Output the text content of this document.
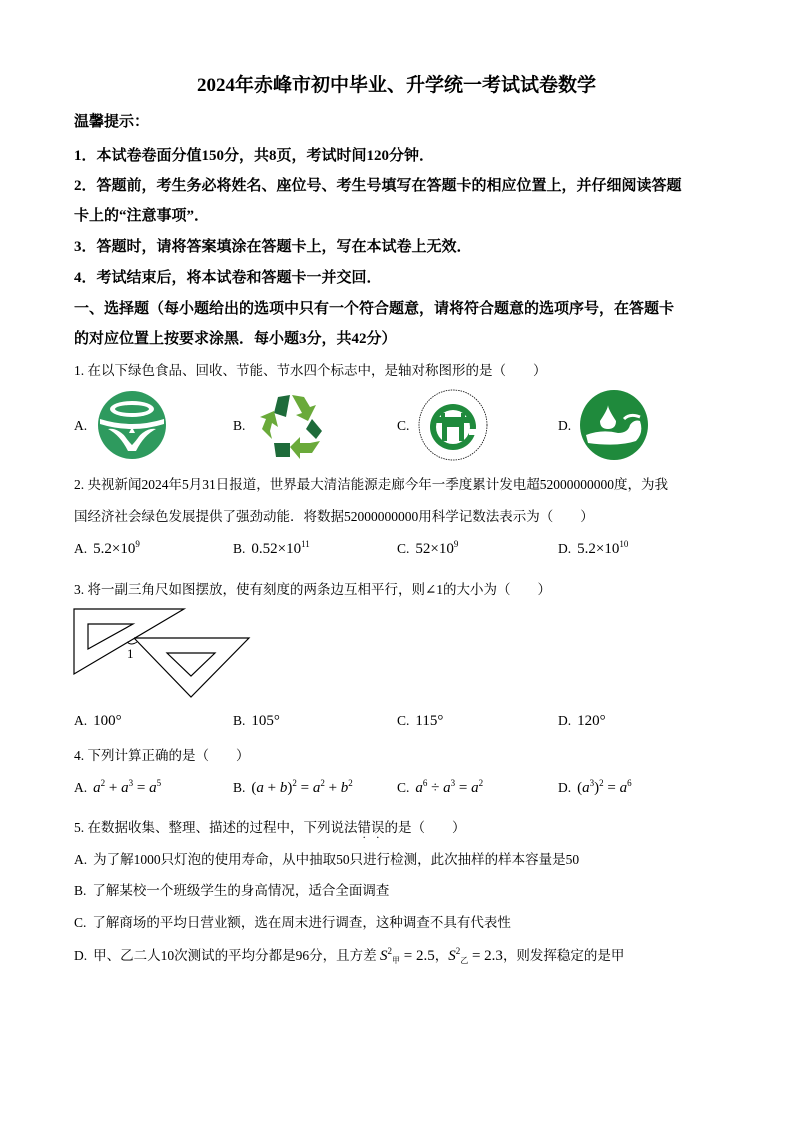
2024年赤峰市初中毕业、升学统一考试试卷数学
温馨提示：
1．本试卷卷面分值150分，共8页，考试时间120分钟．
2．答题前，考生务必将姓名、座位号、考生号填写在答题卡的相应位置上，并仔细阅读答题
卡上的“注意事项”．
3．答题时，请将答案填涂在答题卡上，写在本试卷上无效．
4．考试结束后，将本试卷和答题卡一并交回．
一、选择题（每小题给出的选项中只有一个符合题意，请将符合题意的选项序号，在答题卡
的对应位置上按要求涂黑．每小题3分，共42分）
1. 在以下绿色食品、回收、节能、节水四个标志中，是轴对称图形的是（　　）
A.	B.	C.	D.
2. 央视新闻2024年5月31日报道，世界最大清洁能源走廊今年一季度累计发电超52000000000度，为我
国经济社会绿色发展提供了强劲动能．将数据52000000000用科学记数法表示为（　　）
A. $5.2\times 10^9$	B. $0.52\times 10^{11}$	C. $52\times 10^9$	D. $5.2\times 10^{10}$
3. 将一副三角尺如图摆放，使有刻度的两条边互相平行，则∠1的大小为（　　）
1
A. 100°	B. 105°	C. 115°	D. 120°
4. 下列计算正确的是（　　）
A. $a^2 + a^3 = a^5$	B. $(a + b)^2 = a^2 + b^2$	C. $a^6 \div a^3 = a^2$	D. $(a^3)^2 = a^6$
5. 在数据收集、整理、描述的过程中，下列说法错误的是（　　）
A. 为了解1000只灯泡的使用寿命，从中抽取50只进行检测，此次抽样的样本容量是50
B. 了解某校一个班级学生的身高情况，适合全面调查
C. 了解商场的平均日营业额，选在周末进行调查，这种调查不具有代表性
D. 甲、乙二人10次测试的平均分都是96分，且方差 $S^2_甲 = 2.5$，$S^2_乙 = 2.3$，则发挥稳定的是甲
